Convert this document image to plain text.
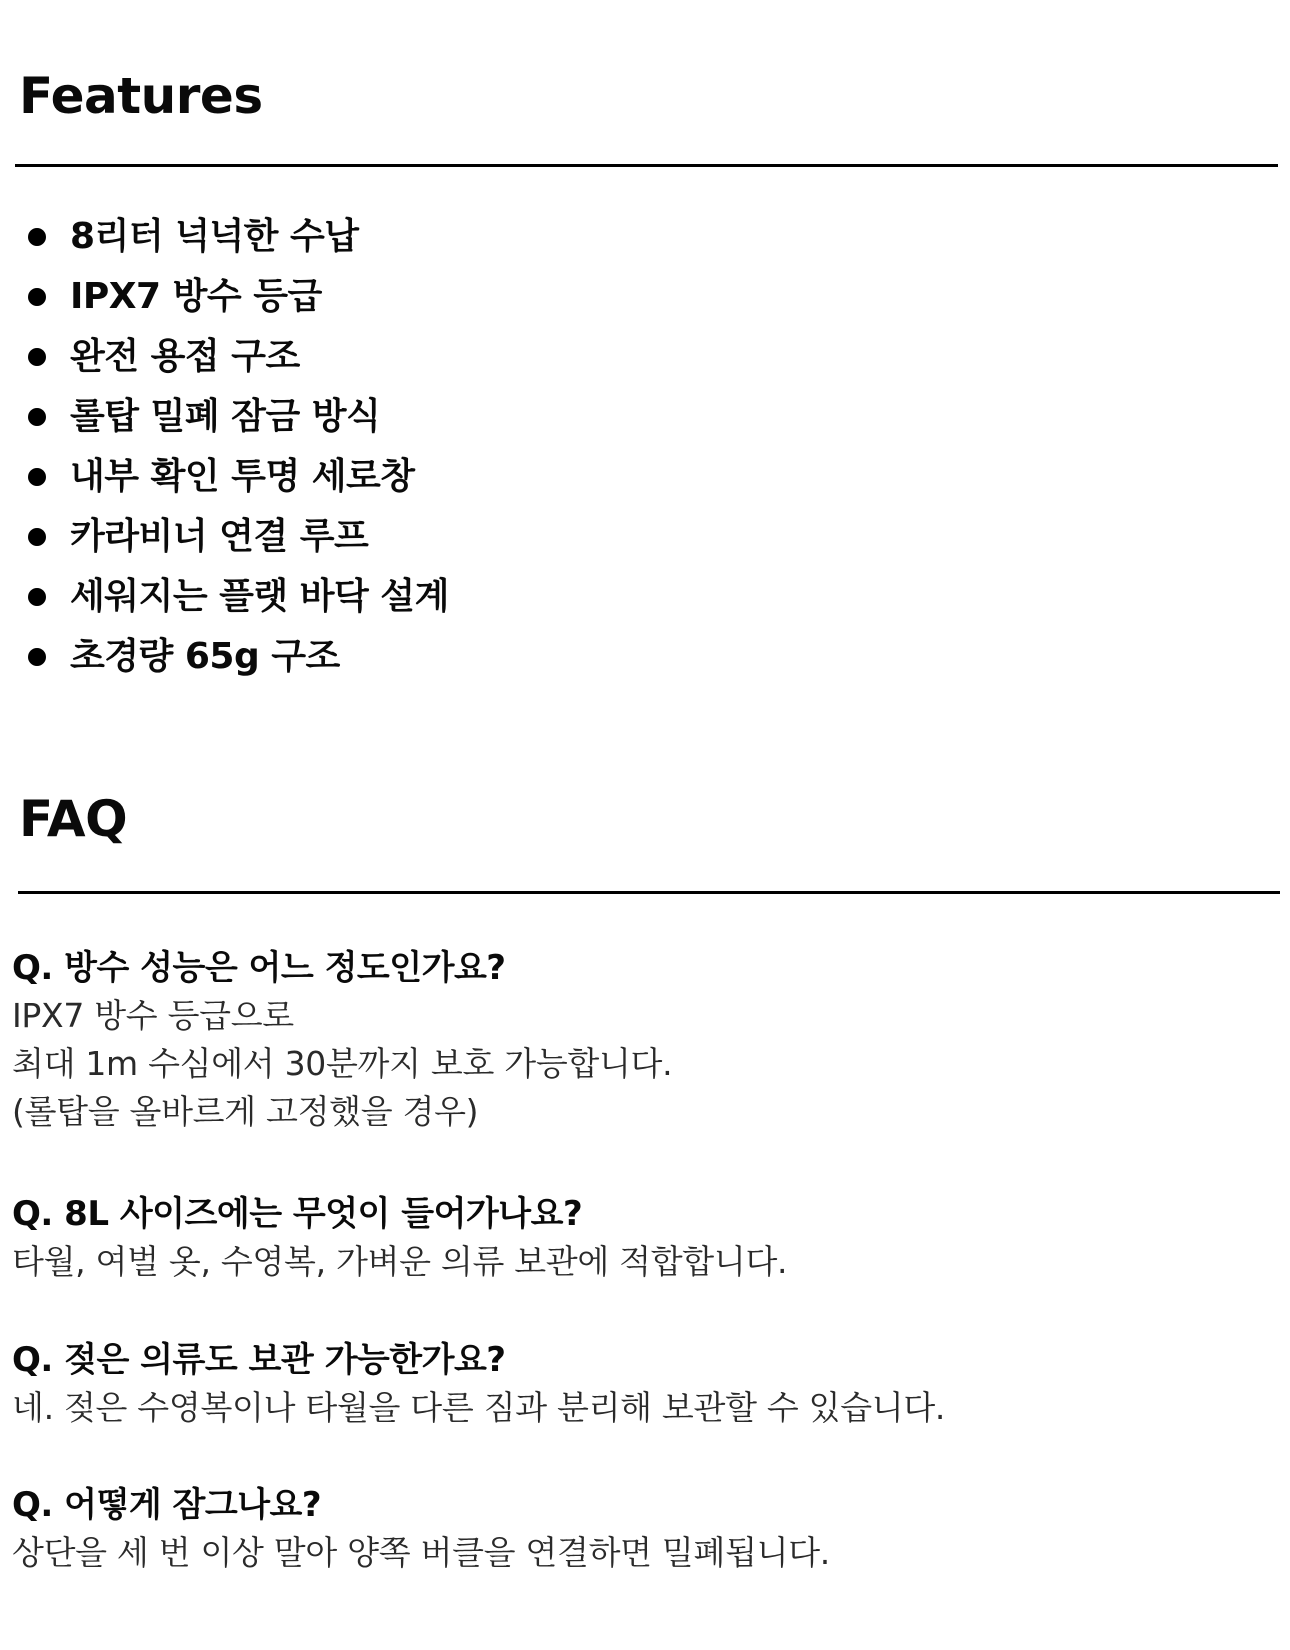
Features
8리터 넉넉한 수납
IPX7 방수 등급
완전 용접 구조
롤탑 밀폐 잠금 방식
내부 확인 투명 세로창
카라비너 연결 루프
세워지는 플랫 바닥 설계
초경량 65g 구조
FAQ
Q. 방수 성능은 어느 정도인가요?
IPX7 방수 등급으로
최대 1m 수심에서 30분까지 보호 가능합니다.
(롤탑을 올바르게 고정했을 경우)
Q. 8L 사이즈에는 무엇이 들어가나요?
타월, 여벌 옷, 수영복, 가벼운 의류 보관에 적합합니다.
Q. 젖은 의류도 보관 가능한가요?
네. 젖은 수영복이나 타월을 다른 짐과 분리해 보관할 수 있습니다.
Q. 어떻게 잠그나요?
상단을 세 번 이상 말아 양쪽 버클을 연결하면 밀폐됩니다.
